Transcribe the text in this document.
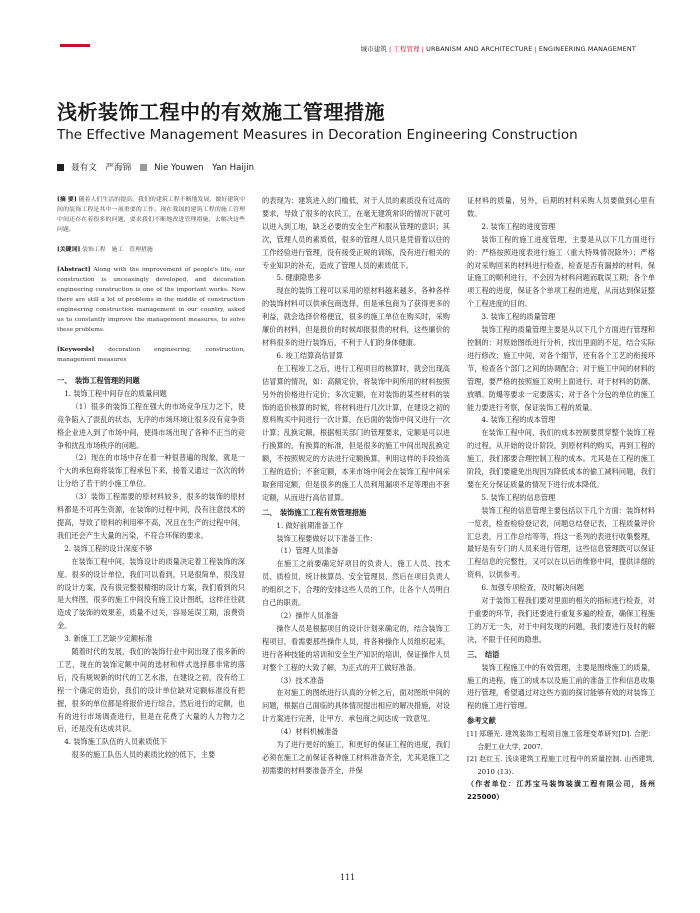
城市建筑 | 工程管理 | URBANISM AND ARCHITECTURE | ENGINEERING MANAGEMENT
浅析装饰工程中的有效施工管理措施
The Effective Management Measures in Decoration Engineering Construction
聂有文　严海锦	Nie Youwen　Yan Haijin
[摘 要] 随着人们生活的提高，我们的建筑工程不断地发展，做好建筑中间的装饰工程是其中一项重要的工作。现在我国的建筑工程的施工管理中间还存在着很多的问题，要求我们不断地改进管理措施，去解决这些问题。
[关键词] 装饰工程　施工　管理措施
[Abstract] Along with the improvement of people's life, our construction is unceasingly developed, and decoration engineering construction is one of the important works. Now there are still a lot of problems in the middle of construction engineering construction management in our country, asked us to constantly improve the management measures, to solve these problems.
[Keywords] decoration engineering, construction, management measures

一、　装饰工程管理的问题

1. 装饰工程中间存在的质量问题

（1）很多的装饰工程在强大的市场竞争压力之下，使竞争陷入了混乱的状态，无序的市场环境让很多没有竞争资格企业进入到了市场中间，使得市场出现了各种不正当的竞争和扰乱市场秩序的问题。

（2）现在的市场中存在着一种很普遍的现象，就是一个大的承包商将装饰工程承包下来，接着又通过一次次的转让分给了若干的小施工单位。

（3）装饰工程需要的原材料较多，很多的装饰的原材料都是不可再生资源，在装饰的过程中间，没有注意技术的提高，导致了原料的利用率不高，况且在生产的过程中间，我们还会产生大量的污染，不符合环保的要求。

2. 装饰工程的设计深度不够

在装饰工程中间，装饰设计的质量决定着工程装饰的深度。很多的设计单位，我们可以看到，只是很简单，很浅显的设计方案，没有很完整很精细的设计方案，我们看到的只是大样图，很多的施工中间没有施工设计图纸，这样往往就造成了装饰的效果差，质量不过关，容易延误工期，浪费资金。

3. 新施工工艺缺少定额标准

随着时代的发展，我们的装饰行业中间出现了很多新的工艺，现在的装饰定额中间的选材和样式选择都非常的落后，没有规规新的时代的工艺水准，在建设之初，没有给工程一个确定的造价，我们的设计单位缺对定额标准没有把握，很多的单位都是将报价进行综合，然后进行的定额，也有的进行市场调查进行，但是在花费了大量的人力物力之后，还是没有达成共识。

4. 装饰施工队伍的人员素质低下

很多的施工队伍人员的素质比较的低下，主要

的表现为：建筑进入的门槛低，对于人员的素质没有过高的要求，导致了很多的农民工，在毫无建筑常识的情况下就可以进入到工地，缺乏必要的安全生产和服从管理的意识；其次，管理人员的素质低，很多的管理人员只是凭借着以往的工作经验进行管理，没有接受正规的训练，没有进行相关的专业知识的补充，造成了管理人员的素质低下。

5. 健康隐患多

现在的装饰工程可以采用的原材料越来越多，各种各样的装饰材料可以供承包商选择，但是承包商为了获得更多的利益，就会选择价格便宜，很多的施工单位在购买时，采购廉价的材料，但是报价的时候却报很贵的材料，这些廉价的材料很多的进行装饰后，不利于人们的身体健康。

6. 竣工结算高估冒算

在工程竣工之后，进行工程项目的核算时，就会出现高估冒算的情况，如：高额定价，将装饰中间所用的材料按照另外的价格进行定价；多次定额，在对装饰的某些材料的装饰的造价核算的时候，将材料进行几次计算，在建设之初的原料购买中间进行一次计算，在后面的装饰中间又进行一次计算；乱换定额，根据相关部门的管理要求，定额是可以进行换算的，有换算的标准，但是很多的施工中间出现乱换定额，不按照规定的方法进行定额换算，利用这样的手段抬高工程的造价；不套定额，本来市场中间会在装饰工程中间采取套用定额，但是很多的施工人员利用漏项不足等理由不套定额，从而进行高估冒算。

二、　装饰施工工程有效管理措施

1. 做好前期准备工作

装饰工程要做好以下准备工作：

（1）管理人员准备

在施工之前要确定好项目的负责人、施工人员、技术员、质检员、统计核算员、安全管理员、然后在项目负责人的组织之下，合理的安排这些人员的工作，让各个人员明白自己的职责。

（2）操作人员准备

操作人员是根据项目的设计计划来确定的，结合装饰工程项目，看需要那些操作人员，将各种操作人员组织起来，进行各种技能的培训和安全生产知识的培训，保证操作人员对整个工程的大致了解，为正式的开工做好准备。

（3）技术准备

在对施工的图纸进行认真的分析之后，面对图纸中间的问题，根据自己面临的具体情况提出相应的解决措施，对设计方案进行完善，让甲方、承包商之间达成一致意见。

（4）材料机械准备

为了进行更好的施工，和更好的保证工程的进度，我们必须在施工之前保证各种施工材料准备齐全，尤其是施工之初需要的材料要准备齐全，并保

证材料的质量，另外，后期的材料采购人员要做到心里有数。

2. 装饰工程的进度管理

装饰工程的施工进度管理，主要是从以下几方面进行的：严格按照进度表进行施工（重大特殊情况除外）；严格的对采购回来的材料进行检查，检查是否有漏掉的材料，保证施工的顺利进行，不会因为材料问题而耽误工期；各个单项工程的进度，保证各个单项工程的进度，从而达到保证整个工程进度的目的。

3. 装饰工程的质量管理

装饰工程的质量管理主要是从以下几个方面进行管理和控制的：对原始图纸进行分析，找出里面的不足，结合实际进行修改；施工中间，对各个细节，还有各个工艺的衔接环节，检查各个部门之间的协调配合；对于施工中间的材料的管理，要严格的按照施工说明上面进行，对于材料的防潮、放晒、防爆等要求一定要落实；对于各个分包的单位的施工能力要进行考察，保证装饰工程的质量。

4. 装饰工程的成本管理

在装饰工程中间，我们的成本控制要贯穿整个装饰工程的过程，从开始的设计阶段，到原材料的购买，再到工程的施工，我们都要合理控制工程的成本。尤其是在工程的施工阶段，我们要避免出现因为降低成本的偷工减料问题，我们要在充分保证质量的情况下进行成本降低。

5. 装饰工程的信息管理

装饰工程的信息管理主要包括以下几个方面：装饰材料一览表，检查检验登记表，问题总结登记表，工程质量评价汇总表，月工作总结等等，将这一系列的表进行收集整理，最好是有专门的人员来进行管理，这些信息管理既可以保证工程信息的完整性，又可以在以后的维修中间，提供详细的资料，以供参考。

6. 加强专项检查，及时解决问题

对于装饰工程我们要对里面的相关的指标进行检查，对于重要的环节，我们还要进行重复多遍的检查，确保工程施工的万无一失，对于中间发现的问题，我们要进行及时的解决，不限于任何的隐患。

三、　结语

装饰工程施工中的有效管理，主要是围绕施工的质量，施工的进程，施工的成本以及施工前的准备工作和信息收集进行管理，希望通过对这些方面的探讨能够有效的对装饰工程的施工进行管理。

参考文献

[1] 郑珊光. 建筑装饰工程项目施工管理变革研究[D]. 合肥：合肥工业大学, 2007.

[2] 赵红玉. 浅谈建筑工程施工过程中的质量控制. 山西建筑, 2010 (13).

（作者单位：江苏宝马装饰装潢工程有限公司，扬州　225000）

111
